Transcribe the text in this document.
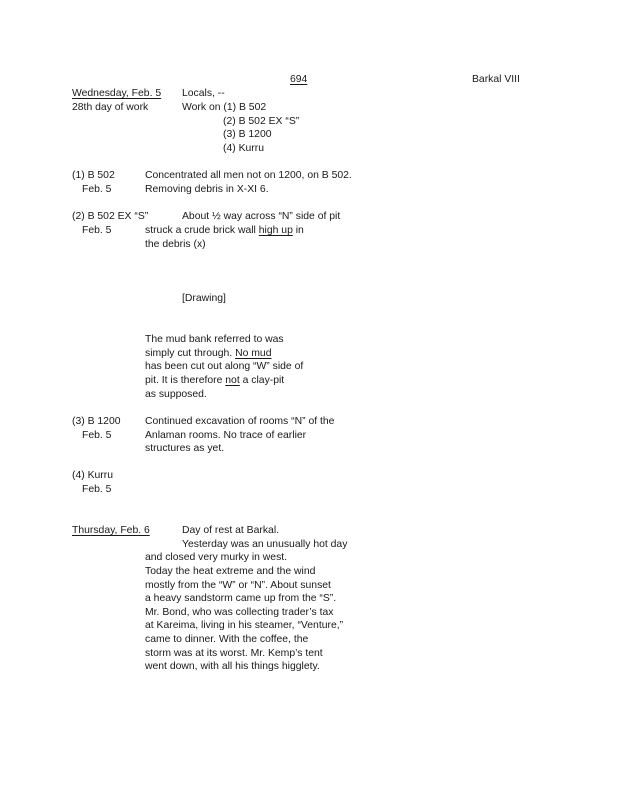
694	Barkal VIII
Wednesday, Feb. 5 Locals, --
28th day of work	Work on (1) B 502
(2) B 502 EX “S”
(3) B 1200
(4) Kurru
(1) B 502	Concentrated all men not on 1200, on B 502.
Feb. 5	Removing debris in X-XI 6.
(2) B 502 EX “S”	About ½ way across “N” side of pit
Feb. 5	struck a crude brick wall high up in
the debris (x)
[Drawing]
The mud bank referred to was
simply cut through. No mud
has been cut out along “W” side of
pit. It is therefore not a clay-pit
as supposed.
(3) B 1200 Continued excavation of rooms “N” of the
Feb. 5	Anlaman rooms. No trace of earlier
structures as yet.
(4) Kurru
Feb. 5
Thursday, Feb. 6	Day of rest at Barkal.
Yesterday was an unusually hot day
and closed very murky in west.
Today the heat extreme and the wind
mostly from the “W” or “N”. About sunset
a heavy sandstorm came up from the “S”.
Mr. Bond, who was collecting trader’s tax
at Kareima, living in his steamer, “Venture,”
came to dinner. With the coffee, the
storm was at its worst. Mr. Kemp’s tent
went down, with all his things higglety.
